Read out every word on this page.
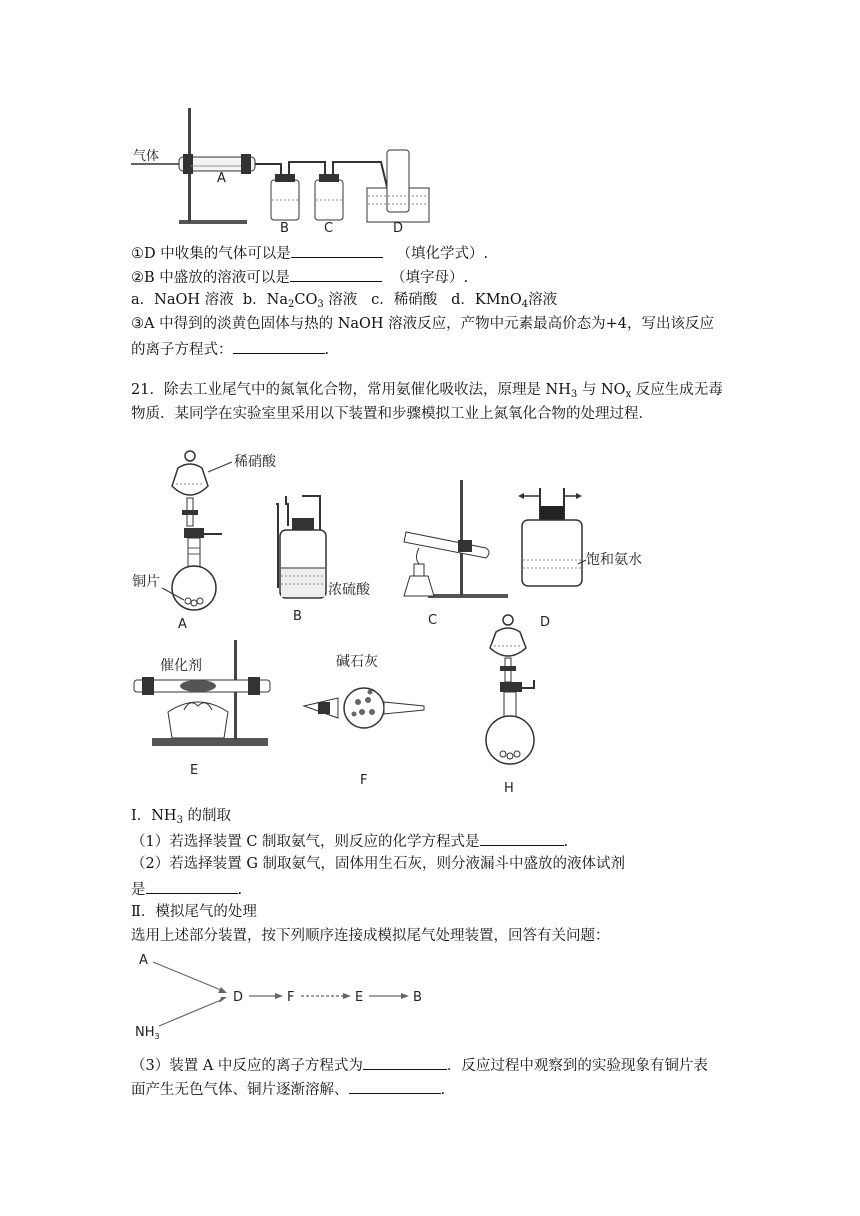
气体
A
B	C	D
①D 中收集的气体可以是	（填化学式）.
②B 中盛放的溶液可以是	（填字母）.
a．NaOH 溶液 b．$Na_2CO_3$ 溶液 c．稀硝酸 d．KMnO$_4$溶液
③A 中得到的淡黄色固体与热的 NaOH 溶液反应，产物中元素最高价态为+4，写出该反应
的离子方程式：	.
21．除去工业尾气中的氮氧化合物，常用氨催化吸收法，原理是 $NH_3$ 与 $NO_x$ 反应生成无毒
物质．某同学在实验室里采用以下装置和步骤模拟工业上氮氧化合物的处理过程．
稀硝酸
铜片
A
浓硫酸
B	C
饱和氨水
D
催化剂
E
碱石灰
F
H
Ⅰ．$NH_3$ 的制取
（1）若选择装置 C 制取氨气，则反应的化学方程式是	.
（2）若选择装置 G 制取氨气，固体用生石灰，则分液漏斗中盛放的液体试剂
是	.
Ⅱ．模拟尾气的处理
选用上述部分装置，按下列顺序连接成模拟尾气处理装置，回答有关问题：
A
$NH_3$
D	F	E	B
（3）装置 A 中反应的离子方程式为	．反应过程中观察到的实验现象有铜片表
面产生无色气体、铜片逐渐溶解、	.
